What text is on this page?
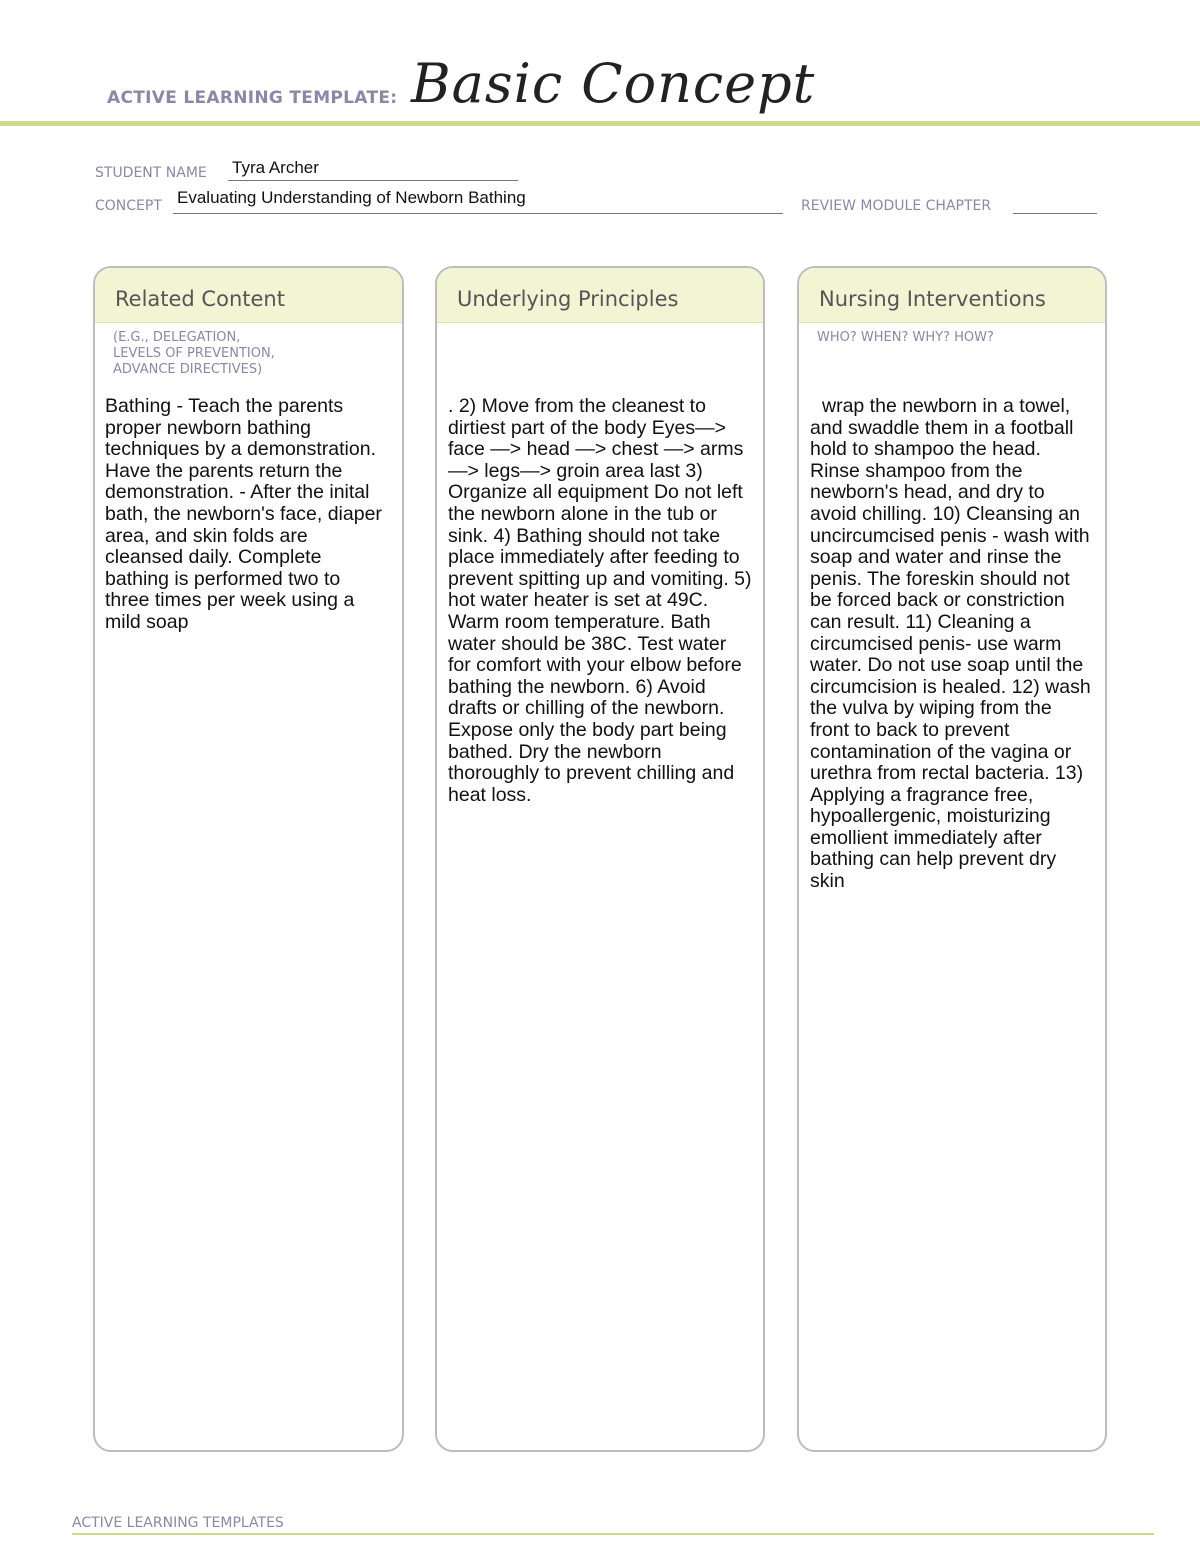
ACTIVE LEARNING TEMPLATE: Basic Concept
STUDENT NAME Tyra Archer
CONCEPT Evaluating Understanding of Newborn Bathing	REVIEW MODULE CHAPTER
Related Content
(E.G., DELEGATION,
LEVELS OF PREVENTION,
ADVANCE DIRECTIVES)
Bathing - Teach the parents proper newborn bathing techniques by a demonstration. Have the parents return the demonstration. - After the inital bath, the newborn's face, diaper area, and skin folds are cleansed daily. Complete bathing is performed two to three times per week using a mild soap
Underlying Principles
. 2) Move from the cleanest to dirtiest part of the body Eyes—> face —> head —> chest —> arms —> legs—> groin area last 3) Organize all equipment Do not left the newborn alone in the tub or sink. 4) Bathing should not take place immediately after feeding to prevent spitting up and vomiting. 5) hot water heater is set at 49C. Warm room temperature. Bath water should be 38C. Test water for comfort with your elbow before bathing the newborn. 6) Avoid drafts or chilling of the newborn. Expose only the body part being bathed. Dry the newborn thoroughly to prevent chilling and heat loss.
Nursing Interventions
WHO? WHEN? WHY? HOW?
wrap the newborn in a towel, and swaddle them in a football hold to shampoo the head. Rinse shampoo from the newborn's head, and dry to avoid chilling. 10) Cleansing an uncircumcised penis - wash with soap and water and rinse the penis. The foreskin should not be forced back or constriction can result. 11) Cleaning a circumcised penis- use warm water. Do not use soap until the circumcision is healed. 12) wash the vulva by wiping from the front to back to prevent contamination of the vagina or urethra from rectal bacteria. 13) Applying a fragrance free, hypoallergenic, moisturizing emollient immediately after bathing can help prevent dry skin
ACTIVE LEARNING TEMPLATES
